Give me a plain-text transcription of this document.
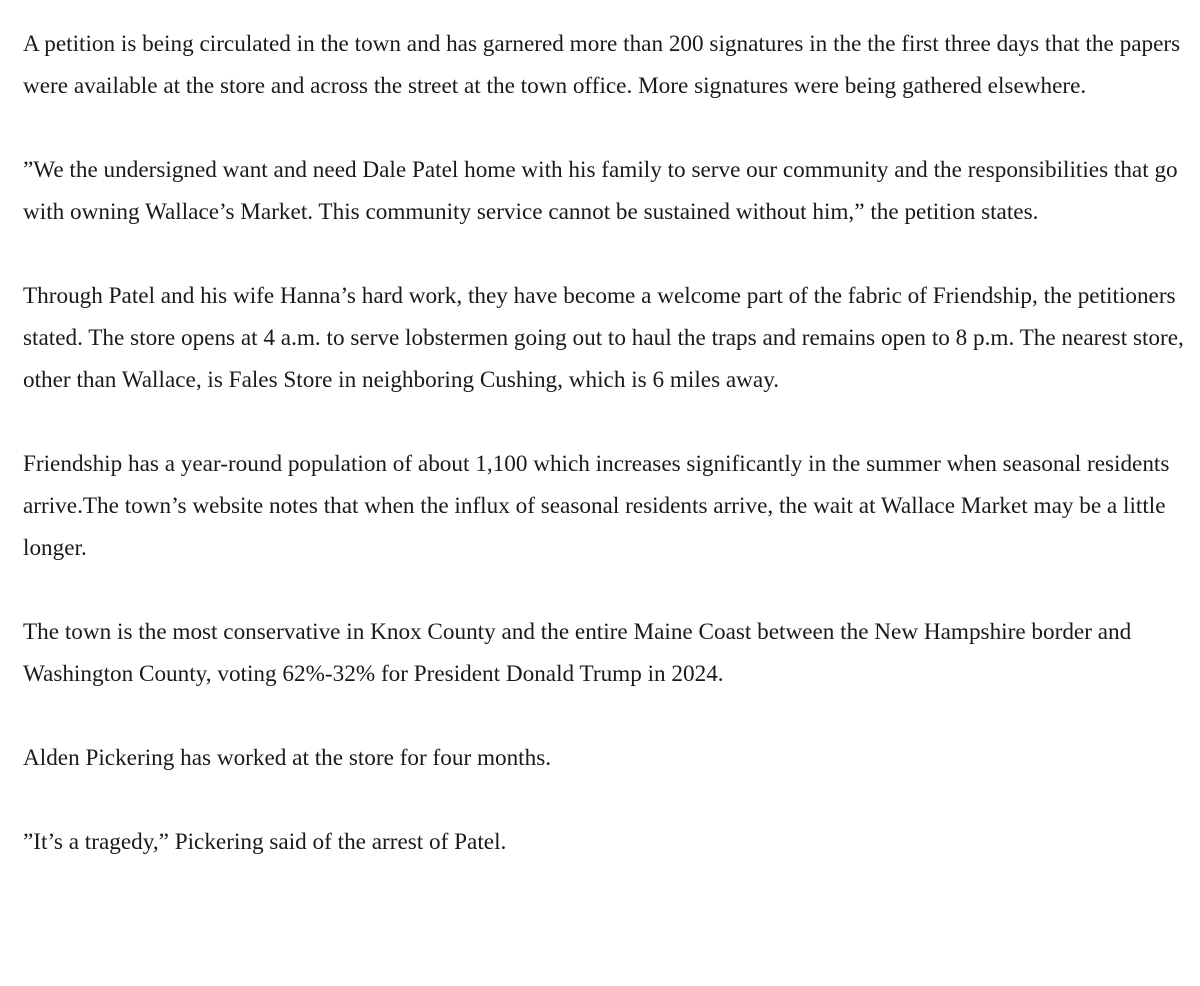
A petition is being circulated in the town and has garnered more than 200 signatures in the the first three days that the papers were available at the store and across the street at the town office. More signatures were being gathered elsewhere.

”We the undersigned want and need Dale Patel home with his family to serve our community and the responsibilities that go with owning Wallace’s Market. This community service cannot be sustained without him,” the petition states.

Through Patel and his wife Hanna’s hard work, they have become a welcome part of the fabric of Friendship, the petitioners stated. The store opens at 4 a.m. to serve lobstermen going out to haul the traps and remains open to 8 p.m. The nearest store, other than Wallace, is Fales Store in neighboring Cushing, which is 6 miles away.

Friendship has a year-round population of about 1,100 which increases significantly in the summer when seasonal residents arrive.The town’s website notes that when the influx of seasonal residents arrive, the wait at Wallace Market may be a little longer.

The town is the most conservative in Knox County and the entire Maine Coast between the New Hampshire border and Washington County, voting 62%-32% for President Donald Trump in 2024.

Alden Pickering has worked at the store for four months.

”It’s a tragedy,” Pickering said of the arrest of Patel.
